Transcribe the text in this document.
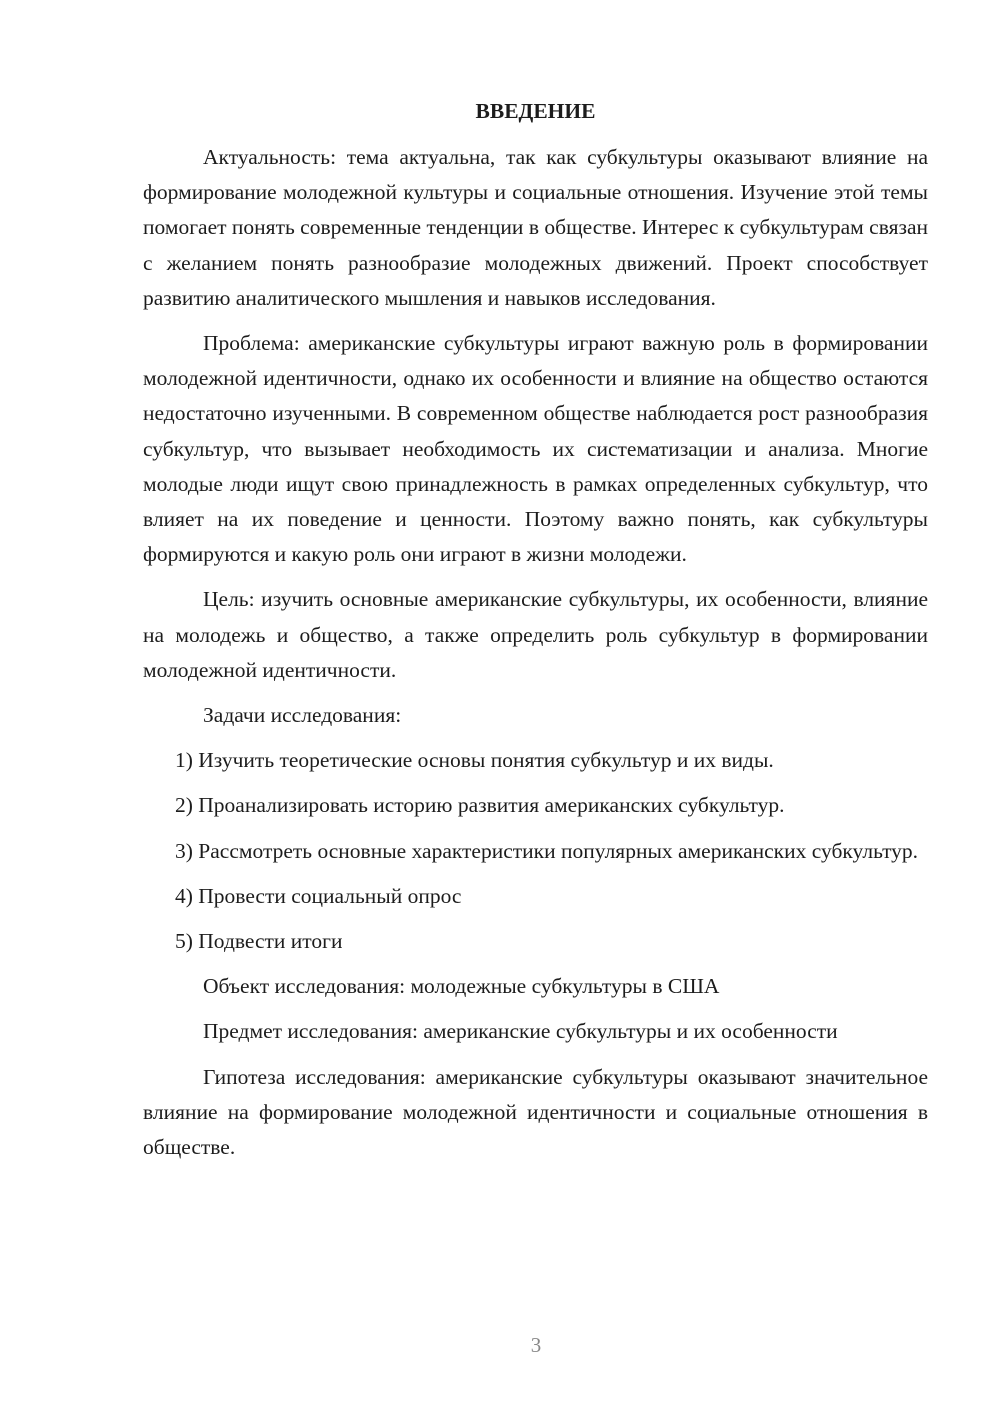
ВВЕДЕНИЕ

Актуальность: тема актуальна, так как субкультуры оказывают влияние на формирование молодежной культуры и социальные отношения. Изучение этой темы помогает понять современные тенденции в обществе. Интерес к субкультурам связан с желанием понять разнообразие молодежных движений. Проект способствует развитию аналитического мышления и навыков исследования.

Проблема: американские субкультуры играют важную роль в формировании молодежной идентичности, однако их особенности и влияние на общество остаются недостаточно изученными. В современном обществе наблюдается рост разнообразия субкультур, что вызывает необходимость их систематизации и анализа. Многие молодые люди ищут свою принадлежность в рамках определенных субкультур, что влияет на их поведение и ценности. Поэтому важно понять, как субкультуры формируются и какую роль они играют в жизни молодежи.

Цель: изучить основные американские субкультуры, их особенности, влияние на молодежь и общество, а также определить роль субкультур в формировании молодежной идентичности.

Задачи исследования:

1) Изучить теоретические основы понятия субкультур и их виды.

2) Проанализировать историю развития американских субкультур.

3) Рассмотреть основные характеристики популярных американских субкультур.

4) Провести социальный опрос

5) Подвести итоги

Объект исследования: молодежные субкультуры в США

Предмет исследования: американские субкультуры и их особенности

Гипотеза исследования: американские субкультуры оказывают значительное влияние на формирование молодежной идентичности и социальные отношения в обществе.

3
